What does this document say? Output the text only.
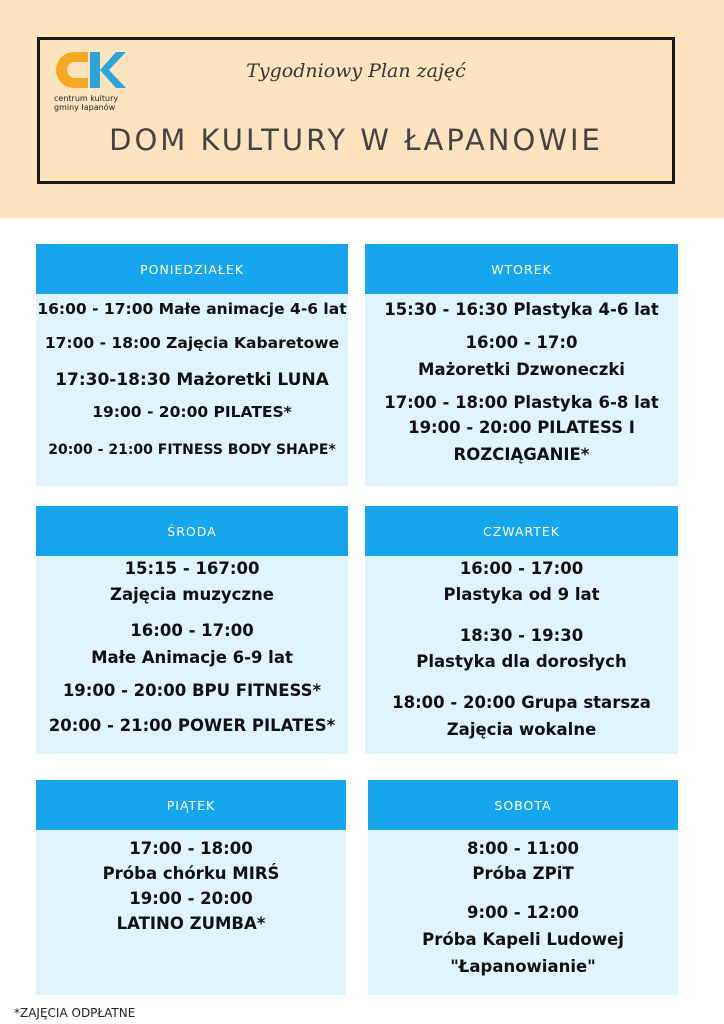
centrum kultury
gminy łapanów
Tygodniowy Plan zajęć
DOM KULTURY W ŁAPANOWIE
PONIEDZIAŁEK
16:00 - 17:00 Małe animacje 4-6 lat
17:00 - 18:00 Zajęcia Kabaretowe
17:30-18:30 Mażoretki LUNA
19:00 - 20:00 PILATES*
20:00 - 21:00 FITNESS BODY SHAPE*
WTOREK
15:30 - 16:30 Plastyka 4-6 lat
16:00 - 17:0
Mażoretki Dzwoneczki
17:00 - 18:00 Plastyka 6-8 lat
19:00 - 20:00 PILATESS I
ROZCIĄGANIE*
ŚRODA
15:15 - 167:00
Zajęcia muzyczne
16:00 - 17:00
Małe Animacje 6-9 lat
19:00 - 20:00 BPU FITNESS*
20:00 - 21:00 POWER PILATES*
CZWARTEK
16:00 - 17:00
Plastyka od 9 lat
18:30 - 19:30
Plastyka dla dorosłych
18:00 - 20:00 Grupa starsza
Zajęcia wokalne
PIĄTEK
17:00 - 18:00
Próba chórku MIRŚ
19:00 - 20:00
LATINO ZUMBA*
SOBOTA
8:00 - 11:00
Próba ZPiT
9:00 - 12:00
Próba Kapeli Ludowej
"Łapanowianie"
*ZAJĘCIA ODPŁATNE
